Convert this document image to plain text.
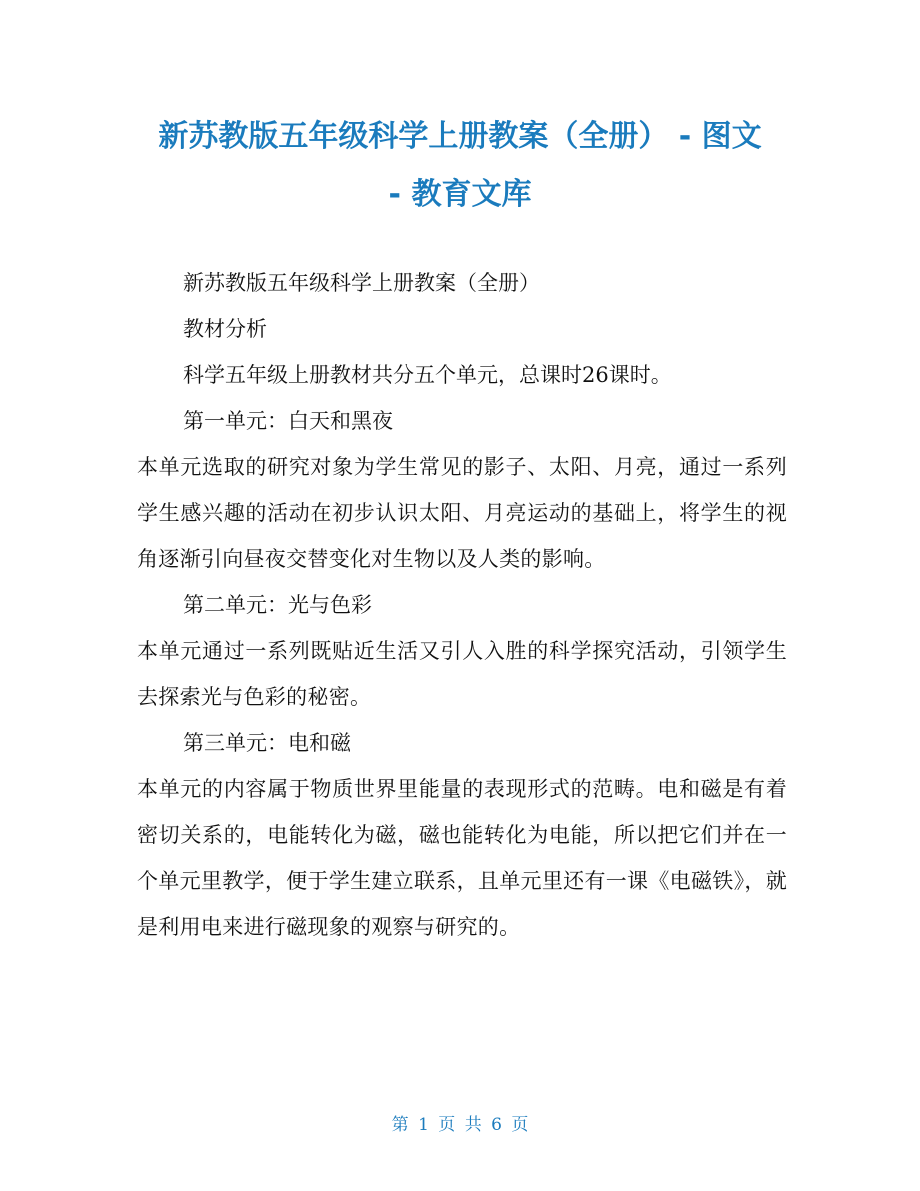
新苏教版五年级科学上册教案（全册） - 图文
- 教育文库

新苏教版五年级科学上册教案（全册）

教材分析

科学五年级上册教材共分五个单元，总课时26课时。

第一单元：白天和黑夜

本单元选取的研究对象为学生常见的影子、太阳、月亮，通过一系列学生感兴趣的活动在初步认识太阳、月亮运动的基础上，将学生的视角逐渐引向昼夜交替变化对生物以及人类的影响。

第二单元：光与色彩

本单元通过一系列既贴近生活又引人入胜的科学探究活动，引领学生去探索光与色彩的秘密。

第三单元：电和磁

本单元的内容属于物质世界里能量的表现形式的范畴。电和磁是有着密切关系的，电能转化为磁，磁也能转化为电能，所以把它们并在一个单元里教学，便于学生建立联系，且单元里还有一课《电磁铁》，就是利用电来进行磁现象的观察与研究的。

第 1 页 共 6 页
